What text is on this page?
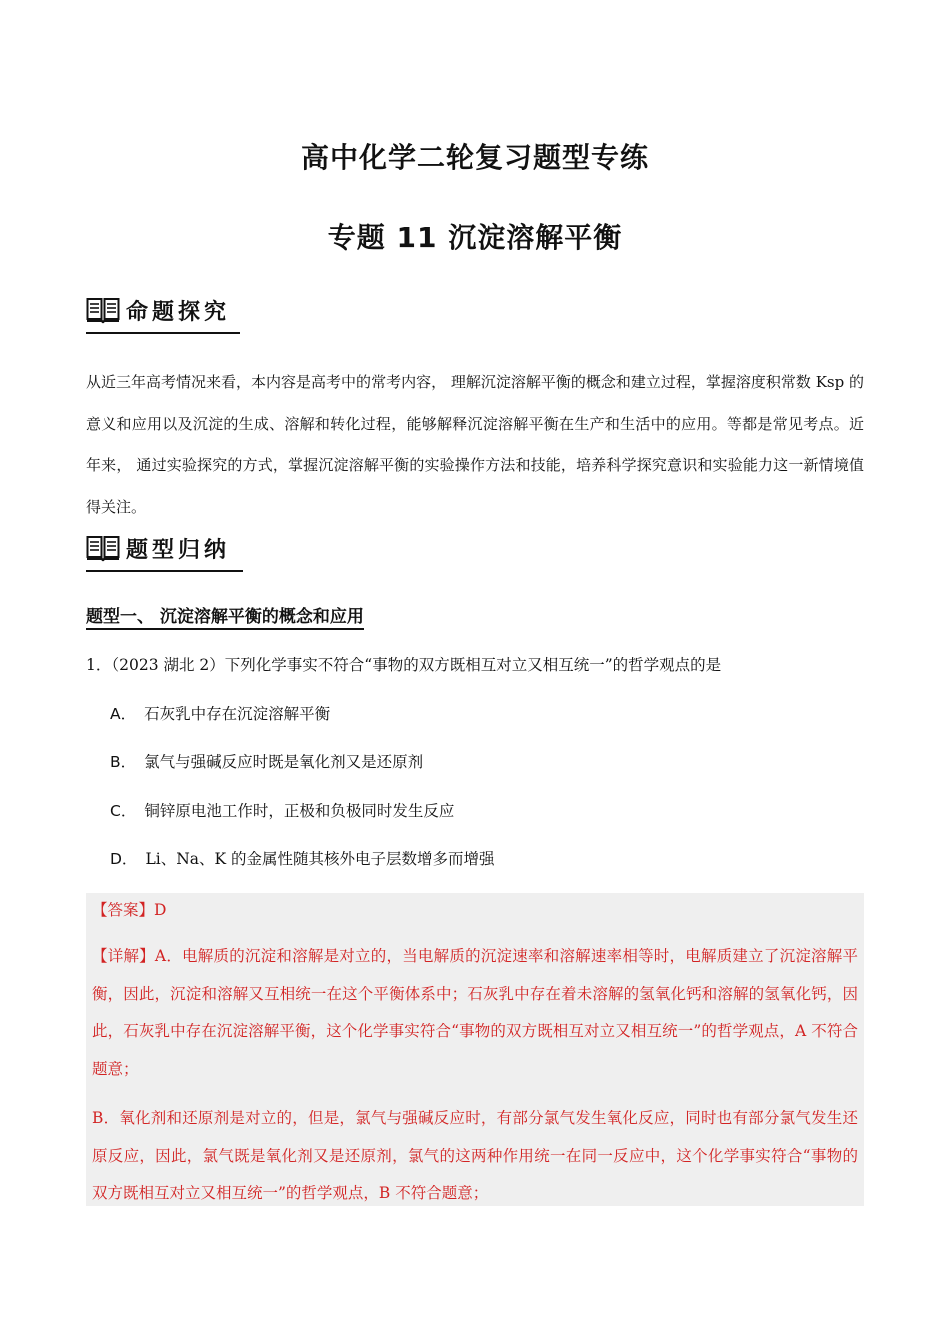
高中化学二轮复习题型专练
专题 11 沉淀溶解平衡
命题探究
从近三年高考情况来看，本内容是高考中的常考内容， 理解沉淀溶解平衡的概念和建立过程，掌握溶度积常数 Ksp 的意义和应用以及沉淀的生成、溶解和转化过程，能够解释沉淀溶解平衡在生产和生活中的应用。等都是常见考点。近年来， 通过实验探究的方式，掌握沉淀溶解平衡的实验操作方法和技能，培养科学探究意识和实验能力这一新情境值得关注。
题型归纳
题型一、 沉淀溶解平衡的概念和应用
1．（2023 湖北 2）下列化学事实不符合“事物的双方既相互对立又相互统一”的哲学观点的是
A． 石灰乳中存在沉淀溶解平衡
B． 氯气与强碱反应时既是氧化剂又是还原剂
C． 铜锌原电池工作时，正极和负极同时发生反应
D． Li、Na、K 的金属性随其核外电子层数增多而增强
【答案】D
【详解】A．电解质的沉淀和溶解是对立的，当电解质的沉淀速率和溶解速率相等时，电解质建立了沉淀溶解平衡，因此，沉淀和溶解又互相统一在这个平衡体系中；石灰乳中存在着未溶解的氢氧化钙和溶解的氢氧化钙，因此，石灰乳中存在沉淀溶解平衡，这个化学事实符合“事物的双方既相互对立又相互统一”的哲学观点，A 不符合题意；
B．氧化剂和还原剂是对立的，但是，氯气与强碱反应时，有部分氯气发生氧化反应，同时也有部分氯气发生还原反应，因此，氯气既是氧化剂又是还原剂，氯气的这两种作用统一在同一反应中，这个化学事实符合“事物的双方既相互对立又相互统一”的哲学观点，B 不符合题意；
